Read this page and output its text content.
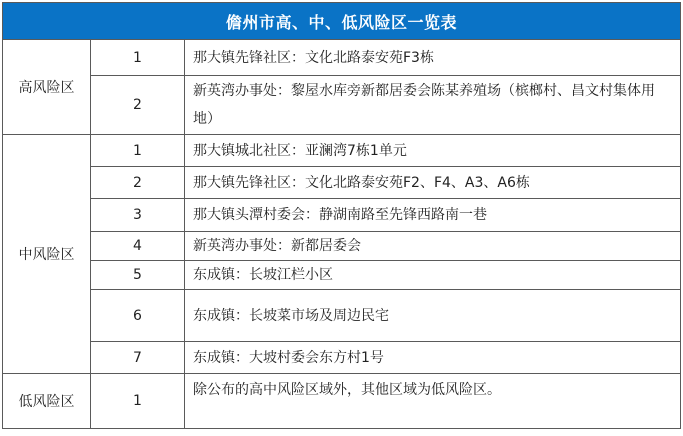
儋州市高、中、低风险区一览表		
高风险区	1	那大镇先锋社区：文化北路泰安苑F3栋
	2	新英湾办事处：黎屋水库旁新都居委会陈某养殖场（槟榔村、昌文村集体用地）
中风险区	1	那大镇城北社区：亚澜湾7栋1单元
	2	那大镇先锋社区：文化北路泰安苑F2、F4、A3、A6栋
	3	那大镇头潭村委会：静湖南路至先锋西路南一巷
	4	新英湾办事处：新都居委会
	5	东成镇：长坡江栏小区
	6	东成镇：长坡菜市场及周边民宅
	7	东成镇：大坡村委会东方村1号
低风险区	1	除公布的高中风险区域外，其他区域为低风险区。
